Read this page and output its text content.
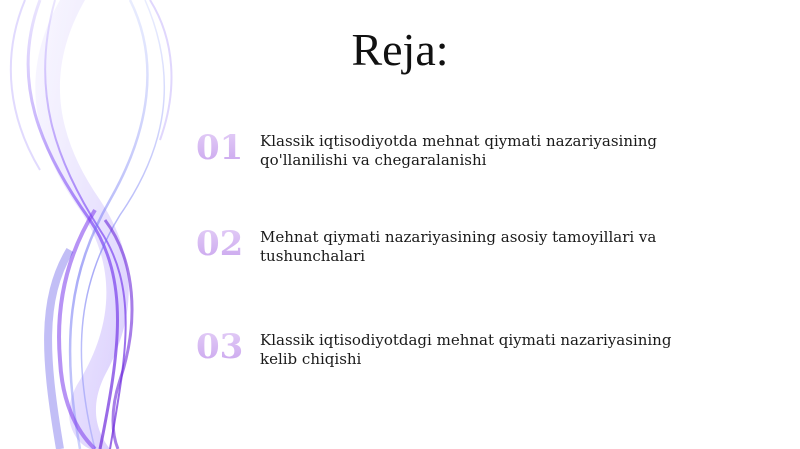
Reja:
01	Klassik iqtisodiyotda mehnat qiymati nazariyasining qo'llanilishi va chegaralanishi
02	Mehnat qiymati nazariyasining asosiy tamoyillari va tushunchalari
03	Klassik iqtisodiyotdagi mehnat qiymati nazariyasining kelib chiqishi
